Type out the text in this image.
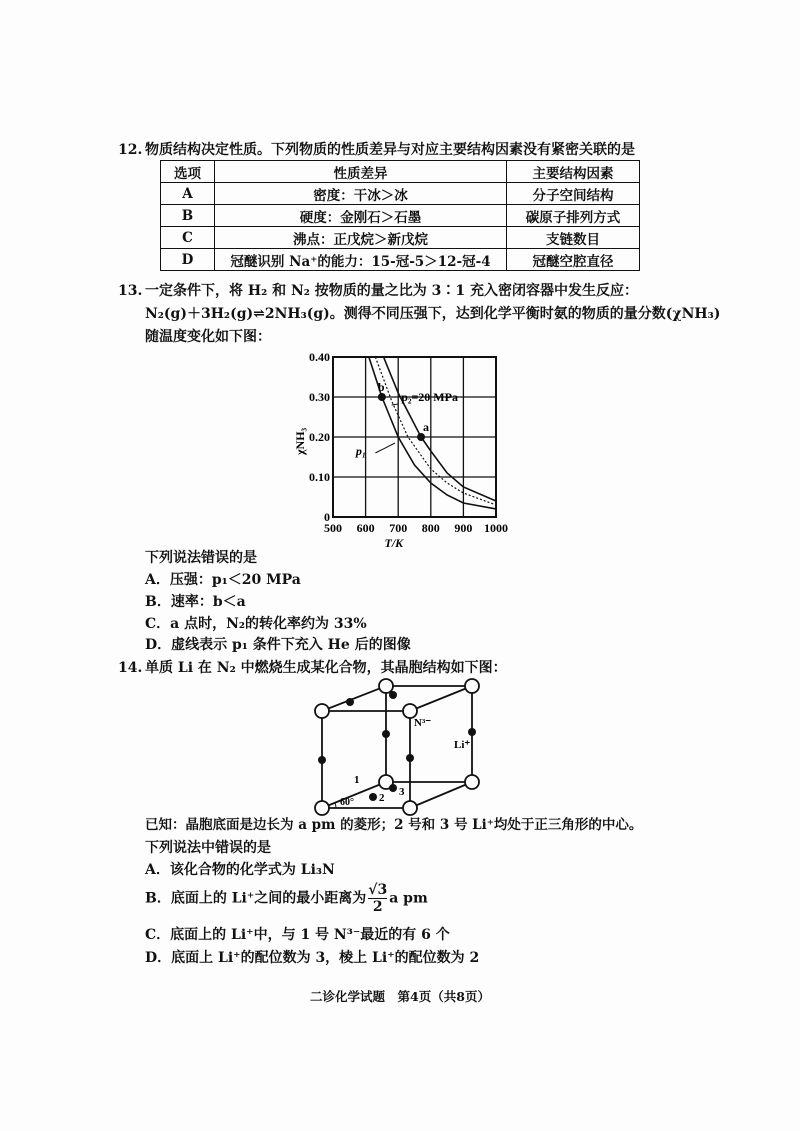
12. 物质结构决定性质。下列物质的性质差异与对应主要结构因素没有紧密关联的是
选项	性质差异	主要结构因素
A	密度：干冰＞冰	分子空间结构
B	硬度：金刚石＞石墨	碳原子排列方式
C	沸点：正戊烷＞新戊烷	支链数目
D	冠醚识别 Na⁺的能力：15-冠-5＞12-冠-4	冠醚空腔直径
13. 一定条件下，将 H₂ 和 N₂ 按物质的量之比为 3∶1 充入密闭容器中发生反应：
N₂(g)＋3H₂(g)⇌2NH₃(g)。测得不同压强下，达到化学平衡时氨的物质的量分数(χNH₃)
随温度变化如下图：
500 600 700 800 900 1000
0
0.10
0.20
0.30
0.40
T/K
χNH₃
p₂=20 MPa
p₁
b
a
下列说法错误的是
A．压强：p₁＜20 MPa
B．速率：b＜a
C．a 点时，N₂的转化率约为 33%
D．虚线表示 p₁ 条件下充入 He 后的图像
14. 单质 Li 在 N₂ 中燃烧生成某化合物，其晶胞结构如下图：
N³⁻
Li⁺
1
2 3
60°
已知：晶胞底面是边长为 a pm 的菱形；2 号和 3 号 Li⁺均处于正三角形的中心。
下列说法中错误的是
A．该化合物的化学式为 Li₃N
B．底面上的 Li⁺之间的最小距离为 $\frac{√3}{2}$ a pm
C．底面上的 Li⁺中，与 1 号 N³⁻最近的有 6 个
D．底面上 Li⁺的配位数为 3，棱上 Li⁺的配位数为 2
二诊化学试题　第4页（共8页）
